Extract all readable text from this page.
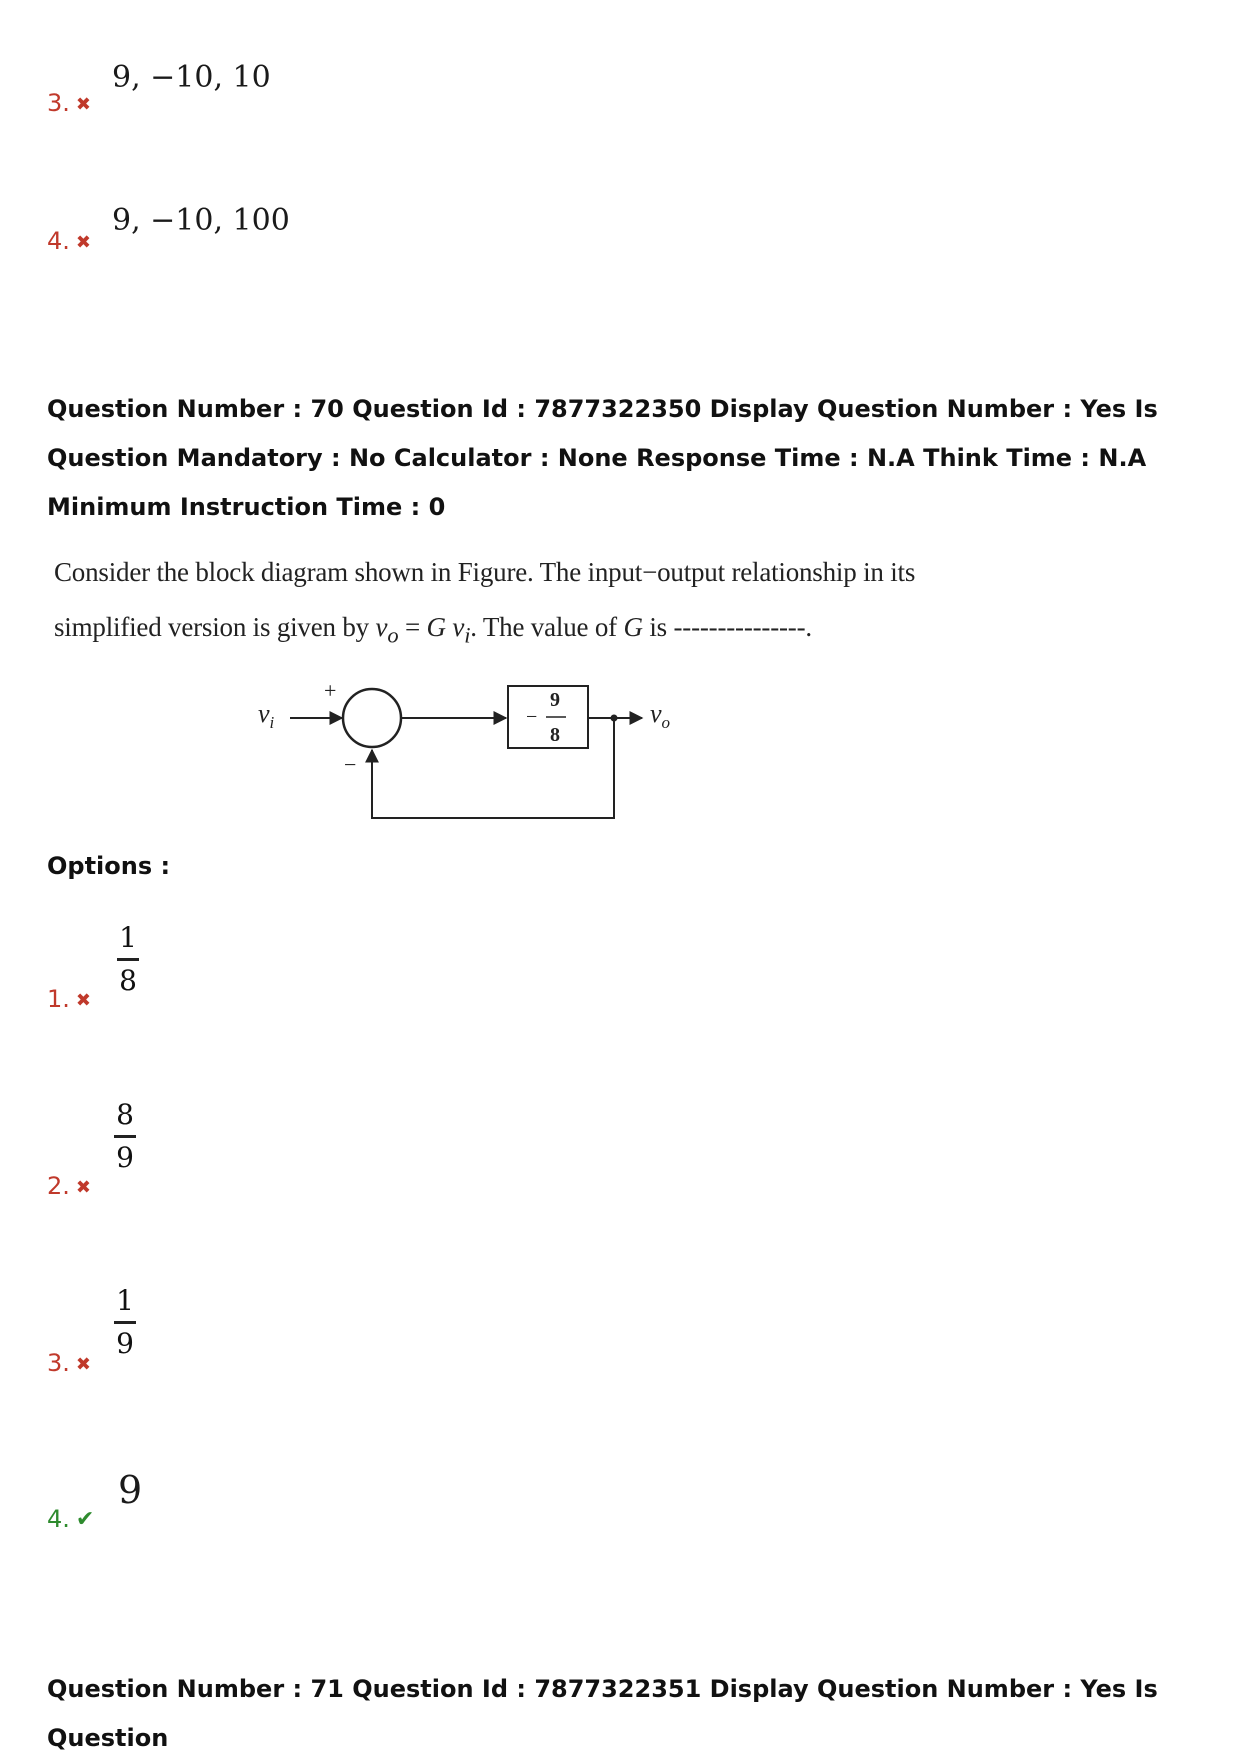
9, −10, 10
3. ✖
9, −10, 100
4. ✖
Question Number : 70 Question Id : 7877322350 Display Question Number : Yes Is Question Mandatory : No Calculator : None Response Time : N.A Think Time : N.A Minimum Instruction Time : 0
Consider the block diagram shown in Figure. The input−output relationship in its
simplified version is given by $v_o = G$ $v_i$. The value of G is ---------------.
$v_i$
+
−
−
9
8
$v_o$
Options :
1
8
1. ✖
8
9
2. ✖
1
9
3. ✖
9
4. ✔
Question Number : 71 Question Id : 7877322351 Display Question Number : Yes Is Question
